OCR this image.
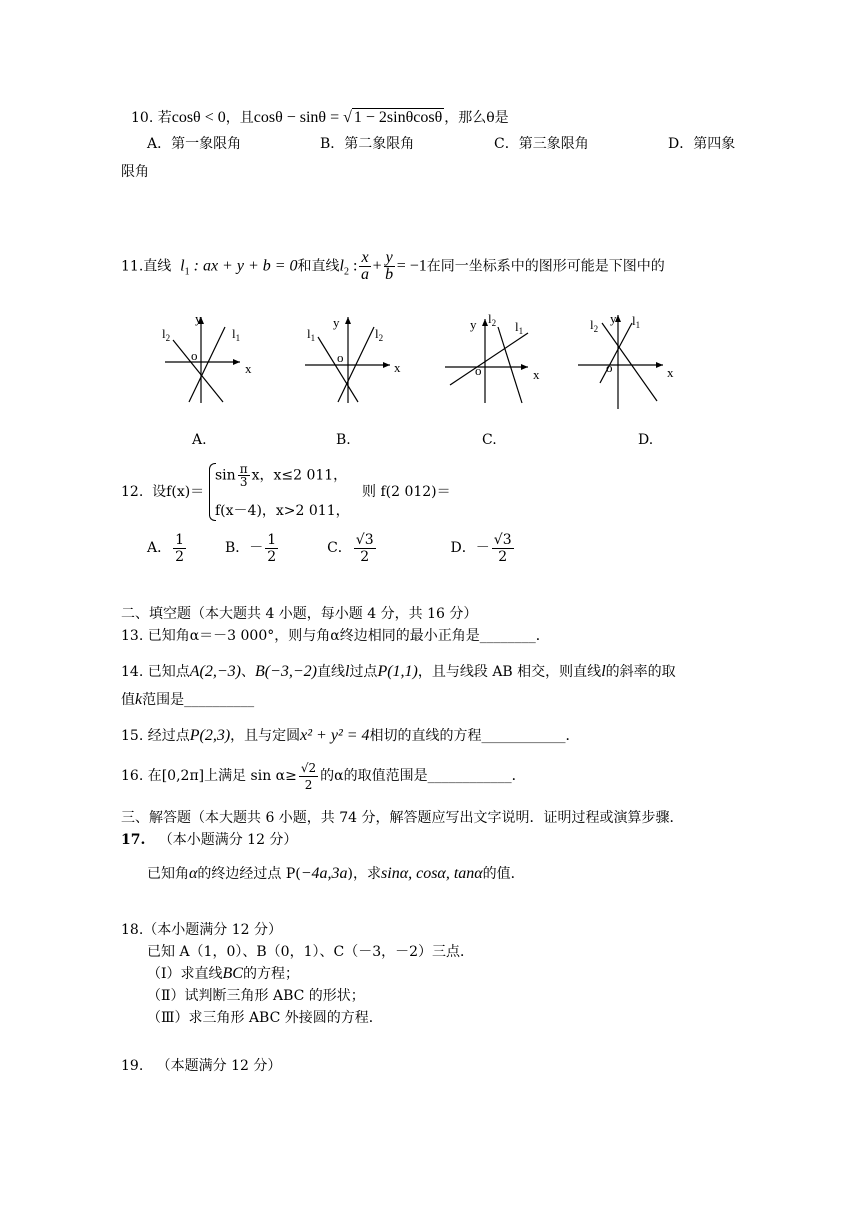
10. 若cosθ < 0，且cosθ − sinθ = √ 1 − 2sinθcosθ ，那么θ是
A．第一象限角	B．第二象限角	C．第三象限角	D．第四象
限角
11.直线 $l_1$ : ax + y + b = 0和直线$l_2$ : $\frac{x}{a} + \frac{y}{b} = -1$在同一坐标系中的图形可能是下图中的
y
x
o
$l_2$	$l_1$
y
x
o
$l_1$	$l_2$
y
x
o
$l_2$ $l_1$
y
x
o
$l_2$
$l_1$
A.	B.	C.	D.
12. 设f(x)＝
$\sin \frac{\pi}{3}$ x，x≤2 011，
f(x－4)，x>2 011，
则 f(2 012)＝
A． $\frac{1}{2}$	B．－ $\frac{1}{2}$	C． $\frac{√3}{2}$	D．－ $\frac{√3}{2}$
二、填空题（本大题共 4 小题，每小题 4 分，共 16 分）
13. 已知角α＝－3 000°，则与角α终边相同的最小正角是________．
14. 已知点A(2,−3)、B(−3,−2)直线l过点P(1,1)，且与线段 AB 相交，则直线l的斜率的取
值k范围是__________
15. 经过点P(2,3)，且与定圆x² + y² = 4相切的直线的方程____________．
16. 在[0,2π]上满足 $\sin \alpha\ge \frac{√2}{2}$ 的α的取值范围是____________．
三、解答题（本大题共 6 小题，共 74 分，解答题应写出文字说明．证明过程或演算步骤．
17. （本小题满分 12 分）
已知角α的终边经过点 P(−4a,3a)，求sinα, cosα, tanα的值．
18.（本小题满分 12 分）
已知 A（1，0）、B（0，1）、C（－3，－2）三点．
（Ⅰ）求直线BC的方程；
（Ⅱ）试判断三角形 ABC 的形状；
（Ⅲ）求三角形 ABC 外接圆的方程．
19. （本题满分 12 分）
